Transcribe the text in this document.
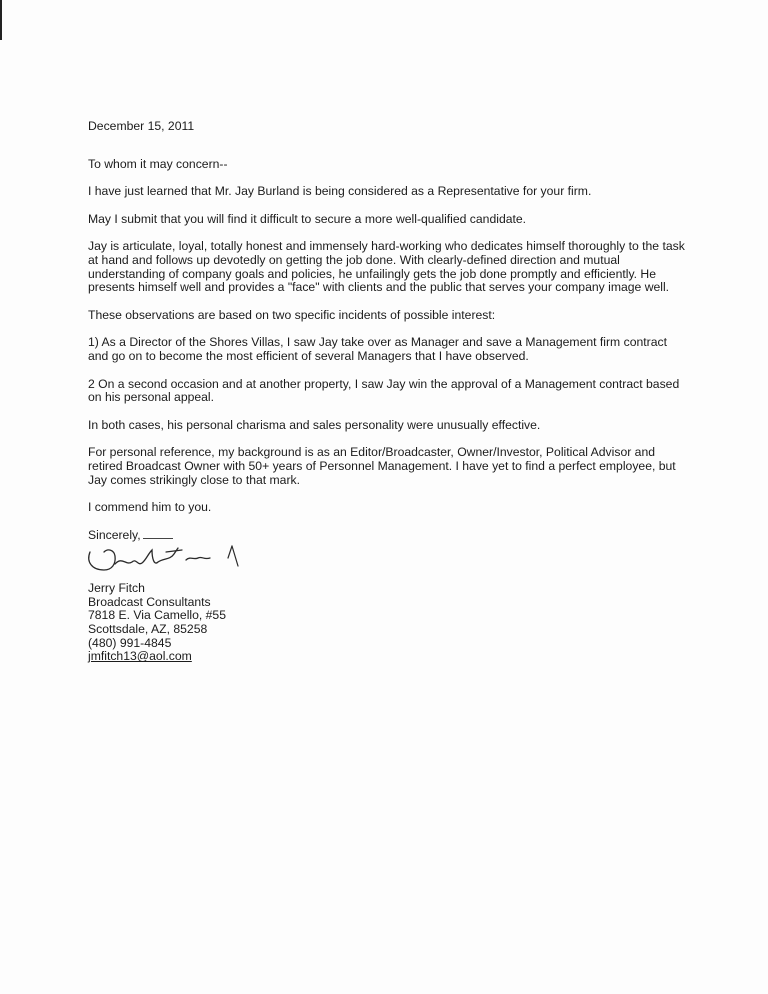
December 15, 2011

To whom it may concern--

I have just learned that Mr. Jay Burland is being considered as a Representative for your firm.

May I submit that you will find it difficult to secure a more well-qualified candidate.

Jay is articulate, loyal, totally honest and immensely hard-working who dedicates himself thoroughly to the task at hand and follows up devotedly on getting the job done. With clearly-defined direction and mutual understanding of company goals and policies, he unfailingly gets the job done promptly and efficiently. He presents himself well and provides a "face" with clients and the public that serves your company image well.

These observations are based on two specific incidents of possible interest:

1) As a Director of the Shores Villas, I saw Jay take over as Manager and save a Management firm contract and go on to become the most efficient of several Managers that I have observed.

2 On a second occasion and at another property, I saw Jay win the approval of a Management contract based on his personal appeal.

In both cases, his personal charisma and sales personality were unusually effective.

For personal reference, my background is as an Editor/Broadcaster, Owner/Investor, Political Advisor and retired Broadcast Owner with 50+ years of Personnel Management. I have yet to find a perfect employee, but Jay comes strikingly close to that mark.

I commend him to you.

Sincerely,

Jerry Fitch

Broadcast Consultants

7818 E. Via Camello, #55

Scottsdale, AZ, 85258

(480) 991-4845

jmfitch13@aol.com
